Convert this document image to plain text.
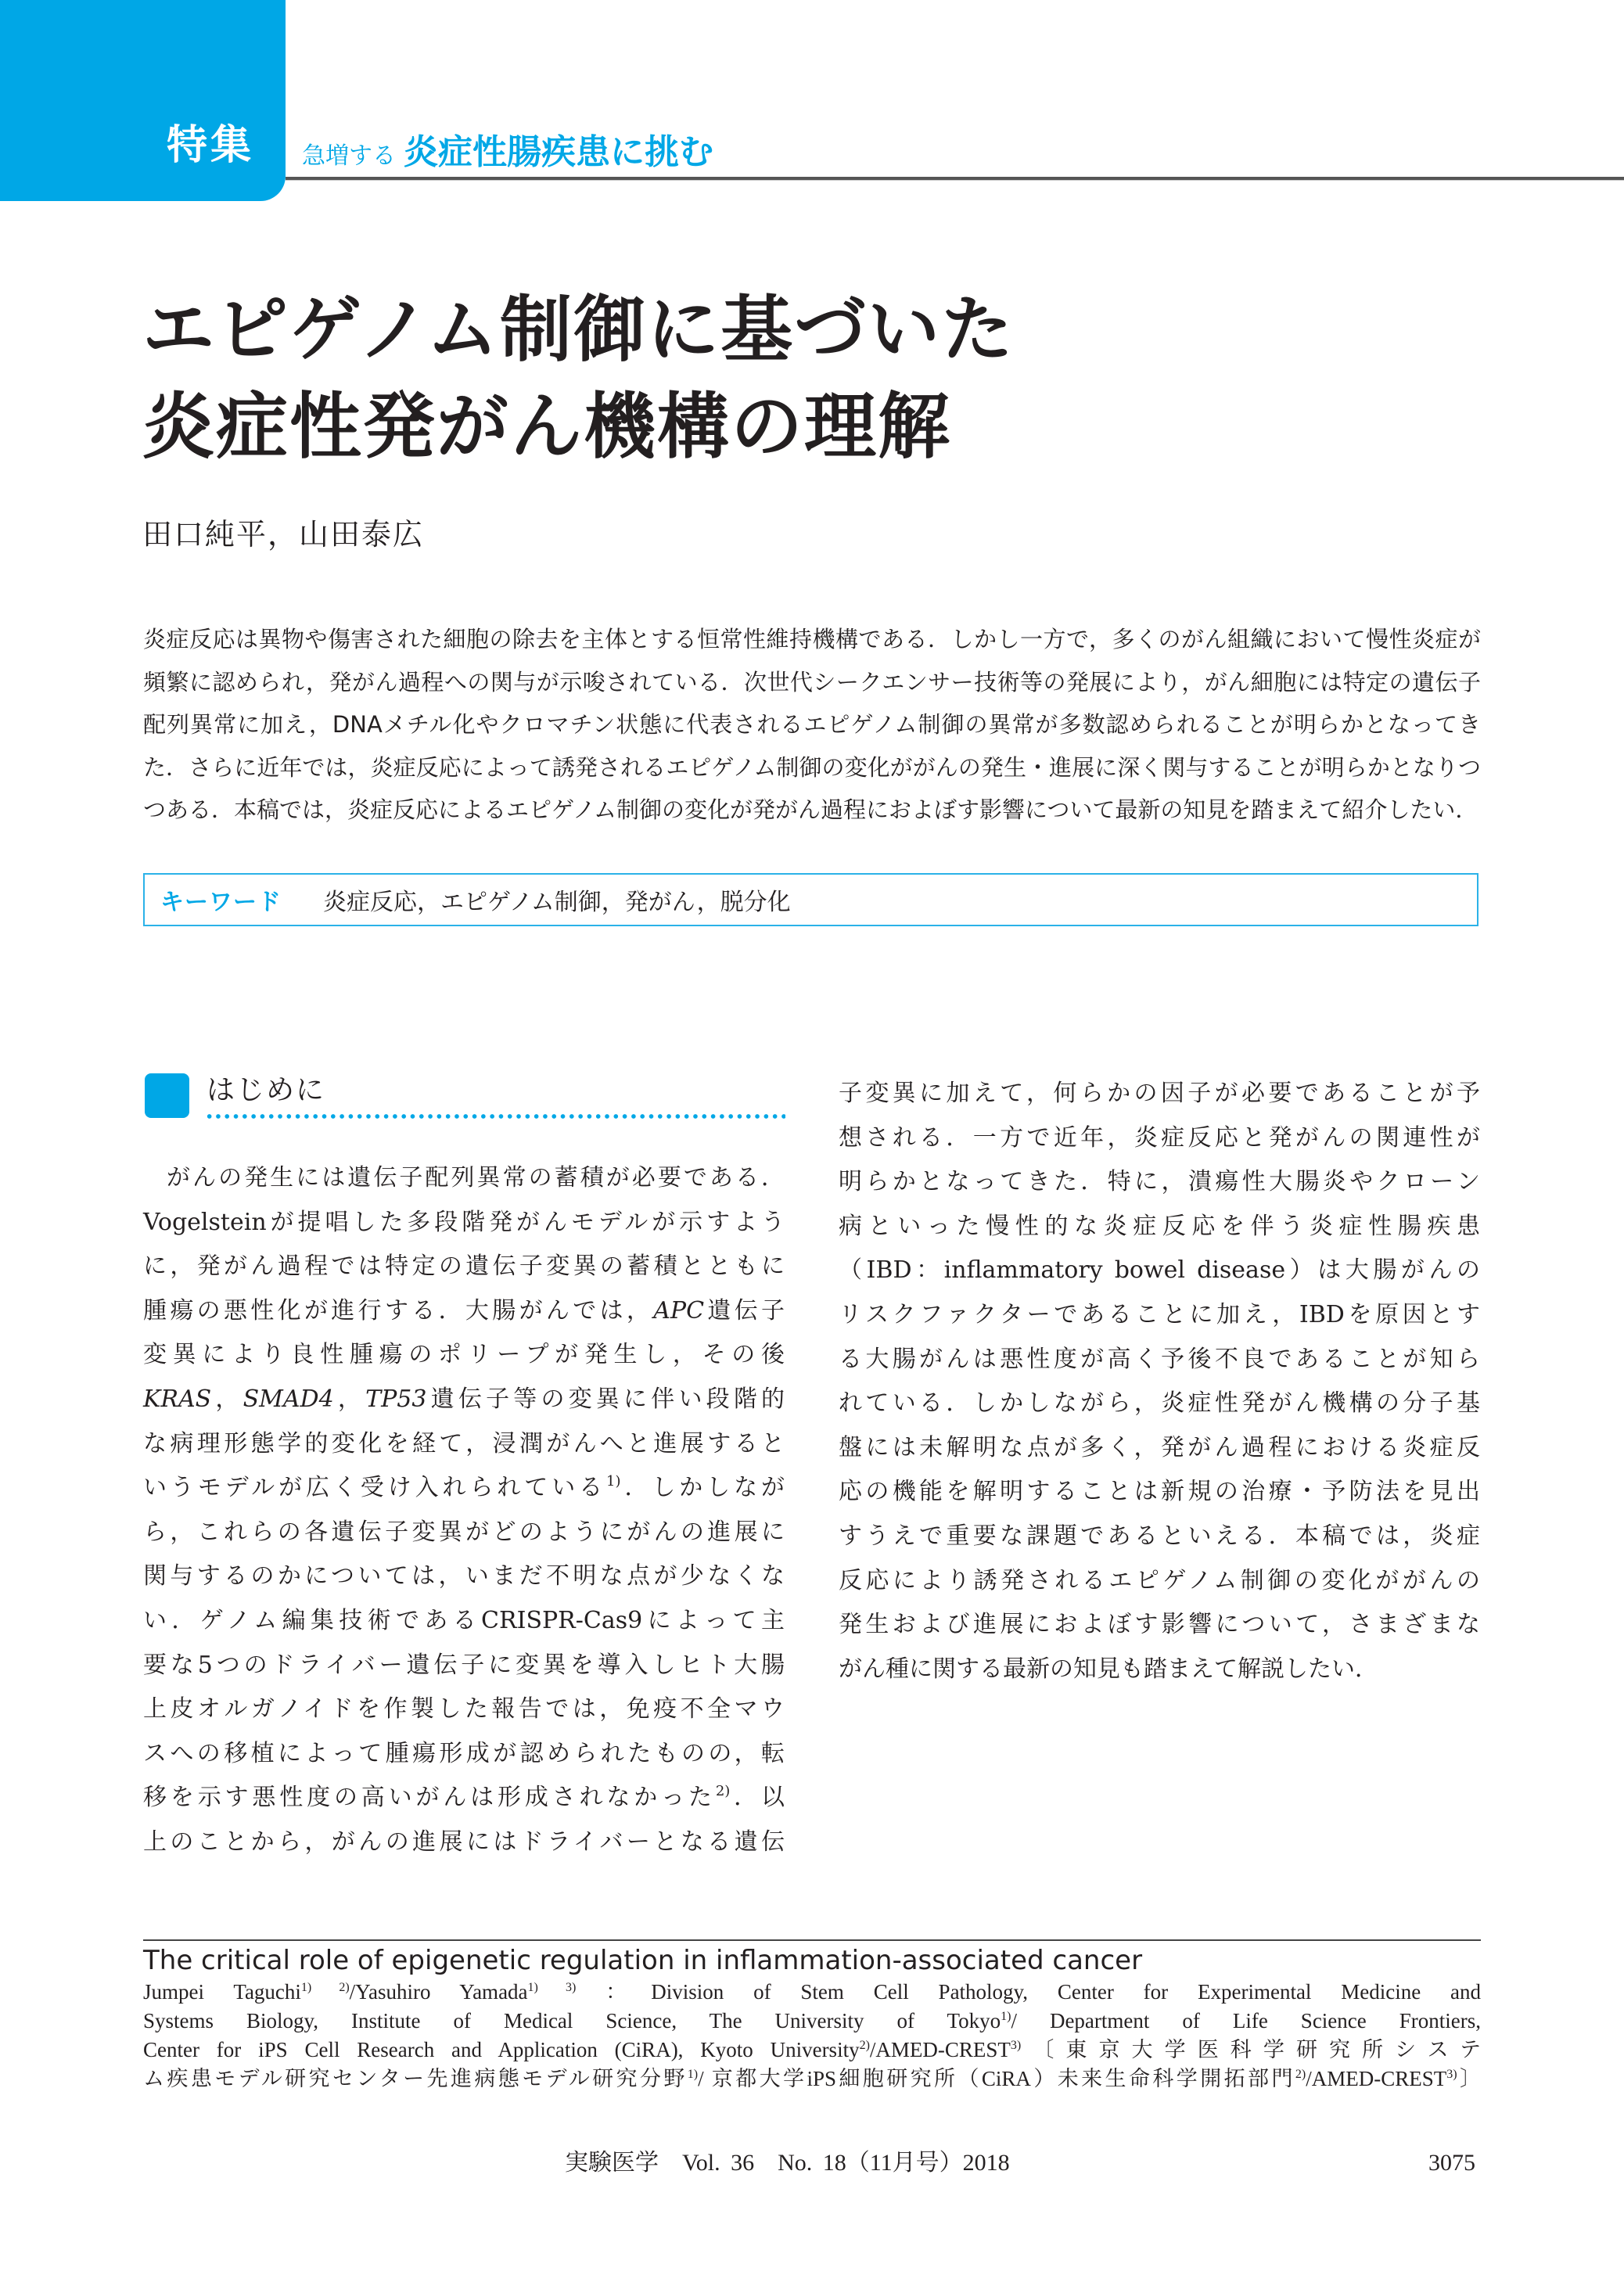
特集	急増する 炎症性腸疾患に挑む
エピゲノム制御に基づいた
炎症性発がん機構の理解
田口純平，山田泰広
炎症反応は異物や傷害された細胞の除去を主体とする恒常性維持機構である．しかし一方で，多くのがん組織において慢性炎症が頻繁に認められ，発がん過程への関与が示唆されている．次世代シークエンサー技術等の発展により，がん細胞には特定の遺伝子配列異常に加え，DNAメチル化やクロマチン状態に代表されるエピゲノム制御の異常が多数認められることが明らかとなってきた．さらに近年では，炎症反応によって誘発されるエピゲノム制御の変化ががんの発生・進展に深く関与することが明らかとなりつつある．本稿では，炎症反応によるエピゲノム制御の変化が発がん過程におよぼす影響について最新の知見を踏まえて紹介したい．
キーワード	炎症反応，エピゲノム制御，発がん，脱分化
はじめに
がんの発生には遺伝子配列異常の蓄積が必要である．
Vogelsteinが提唱した多段階発がんモデルが示すよう
に，発がん過程では特定の遺伝子変異の蓄積とともに
腫瘍の悪性化が進行する．大腸がんでは，APC遺伝子
変異により良性腫瘍のポリープが発生し，その後
KRAS，SMAD4，TP53遺伝子等の変異に伴い段階的
な病理形態学的変化を経て，浸潤がんへと進展すると
いうモデルが広く受け入れられている$^{1)}$．しかしなが
ら，これらの各遺伝子変異がどのようにがんの進展に
関与するのかについては，いまだ不明な点が少なくな
い．ゲノム編集技術であるCRISPR-Cas9によって主
要な5つのドライバー遺伝子に変異を導入しヒト大腸
上皮オルガノイドを作製した報告では，免疫不全マウ
スへの移植によって腫瘍形成が認められたものの，転
移を示す悪性度の高いがんは形成されなかった$^{2)}$．以
上のことから，がんの進展にはドライバーとなる遺伝
子変異に加えて，何らかの因子が必要であることが予
想される．一方で近年，炎症反応と発がんの関連性が
明らかとなってきた．特に，潰瘍性大腸炎やクローン
病といった慢性的な炎症反応を伴う炎症性腸疾患
（IBD：inflammatory bowel disease）は大腸がんの
リスクファクターであることに加え，IBDを原因とす
る大腸がんは悪性度が高く予後不良であることが知ら
れている．しかしながら，炎症性発がん機構の分子基
盤には未解明な点が多く，発がん過程における炎症反
応の機能を解明することは新規の治療・予防法を見出
すうえで重要な課題であるといえる．本稿では，炎症
反応により誘発されるエピゲノム制御の変化ががんの
発生および進展におよぼす影響について，さまざまな
がん種に関する最新の知見も踏まえて解説したい．
The critical role of epigenetic regulation in inflammation-associated cancer
Jumpei Taguchi$^{1) 2)}$/Yasuhiro Yamada$^{1) 3)}$ ：Division of Stem Cell Pathology, Center for Experimental Medicine and
Systems Biology, Institute of Medical Science, The University of Tokyo$^{1)}$/ Department of Life Science Frontiers,
Center for iPS Cell Research and Application (CiRA), Kyoto University$^{2)}$/AMED-CREST$^{3)}$〔東京大学医科学研究所システ
ム疾患モデル研究センター先進病態モデル研究分野$^{1)}$/ 京都大学iPS細胞研究所（CiRA）未来生命科学開拓部門$^{2)}$/AMED-CREST$^{3)}$〕
実験医学　Vol. 36　No. 18（11月号）2018	3075
